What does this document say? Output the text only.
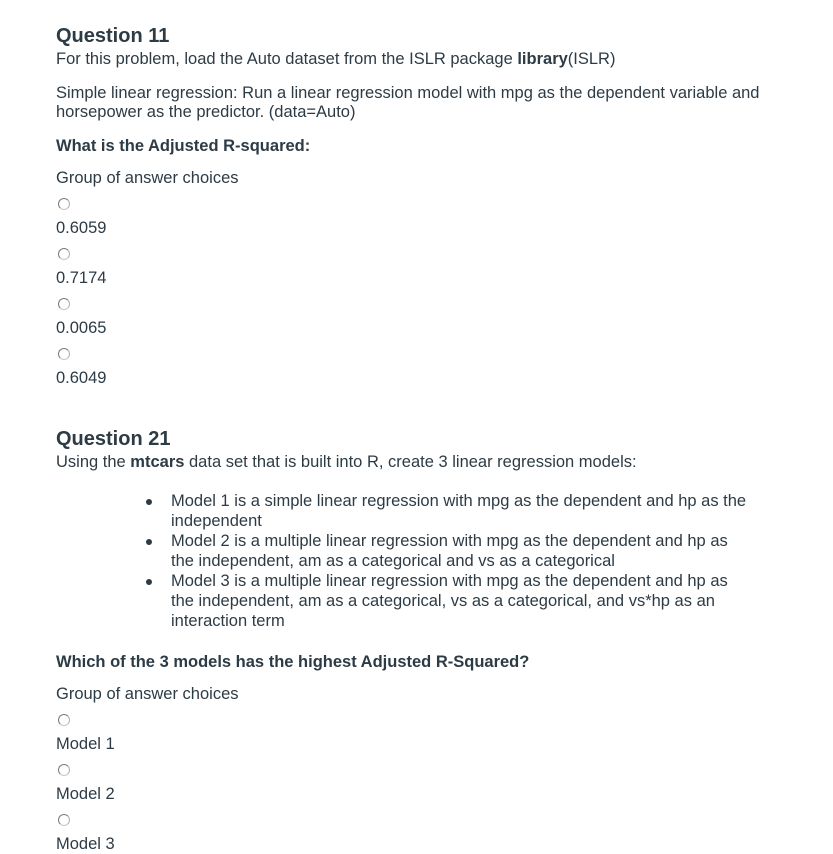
Question 11

For this problem, load the Auto dataset from the ISLR package library(ISLR)

Simple linear regression: Run a linear regression model with mpg as the dependent variable and horsepower as the predictor. (data=Auto)

What is the Adjusted R-squared:

Group of answer choices
0.6059
0.7174
0.0065
0.6049
Question 21

Using the mtcars data set that is built into R, create 3 linear regression models:

Model 1 is a simple linear regression with mpg as the dependent and hp as the independent
Model 2 is a multiple linear regression with mpg as the dependent and hp as the independent, am as a categorical and vs as a categorical
Model 3 is a multiple linear regression with mpg as the dependent and hp as the independent, am as a categorical, vs as a categorical, and vs*hp as an interaction term

Which of the 3 models has the highest Adjusted R-Squared?

Group of answer choices
Model 1
Model 2
Model 3
